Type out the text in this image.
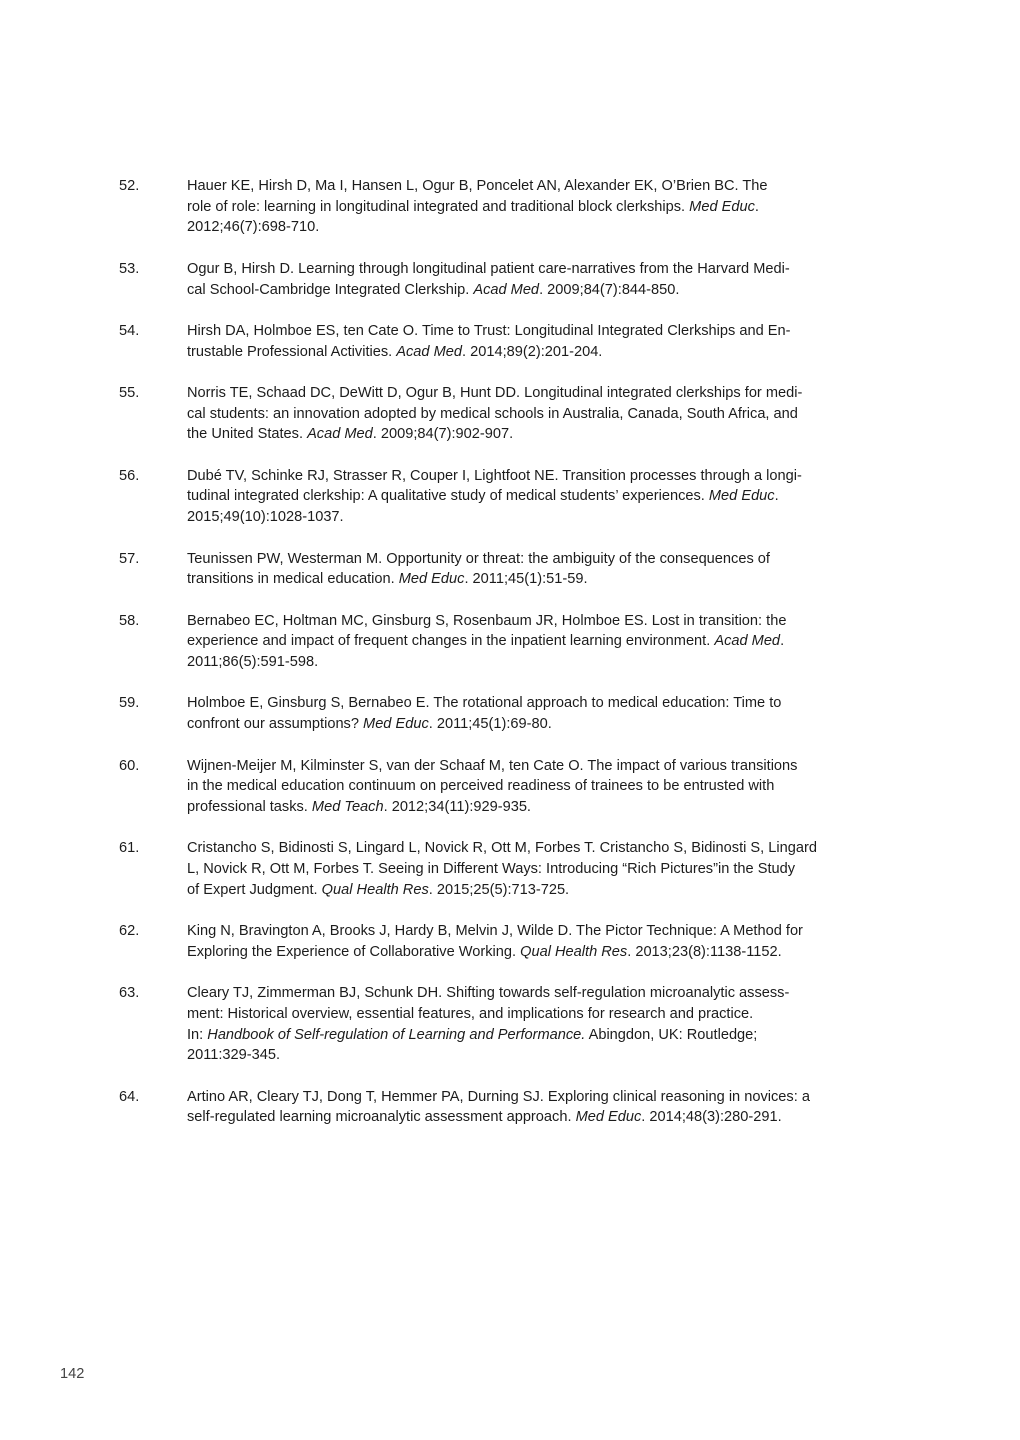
52.	Hauer KE, Hirsh D, Ma I, Hansen L, Ogur B, Poncelet AN, Alexander EK, O’Brien BC. The
role of role: learning in longitudinal integrated and traditional block clerkships. Med Educ.
2012;46(7):698-710.
53.	Ogur B, Hirsh D. Learning through longitudinal patient care-narratives from the Harvard Medi-
cal School-Cambridge Integrated Clerkship. Acad Med. 2009;84(7):844-850.
54.	Hirsh DA, Holmboe ES, ten Cate O. Time to Trust: Longitudinal Integrated Clerkships and En-
trustable Professional Activities. Acad Med. 2014;89(2):201-204.
55.	Norris TE, Schaad DC, DeWitt D, Ogur B, Hunt DD. Longitudinal integrated clerkships for medi-
cal students: an innovation adopted by medical schools in Australia, Canada, South Africa, and
the United States. Acad Med. 2009;84(7):902-907.
56.	Dubé TV, Schinke RJ, Strasser R, Couper I, Lightfoot NE. Transition processes through a longi-
tudinal integrated clerkship: A qualitative study of medical students’ experiences. Med Educ.
2015;49(10):1028-1037.
57.	Teunissen PW, Westerman M. Opportunity or threat: the ambiguity of the consequences of
transitions in medical education. Med Educ. 2011;45(1):51-59.
58.	Bernabeo EC, Holtman MC, Ginsburg S, Rosenbaum JR, Holmboe ES. Lost in transition: the
experience and impact of frequent changes in the inpatient learning environment. Acad Med.
2011;86(5):591-598.
59.	Holmboe E, Ginsburg S, Bernabeo E. The rotational approach to medical education: Time to
confront our assumptions? Med Educ. 2011;45(1):69-80.
60.	Wijnen-Meijer M, Kilminster S, van der Schaaf M, ten Cate O. The impact of various transitions
in the medical education continuum on perceived readiness of trainees to be entrusted with
professional tasks. Med Teach. 2012;34(11):929-935.
61.	Cristancho S, Bidinosti S, Lingard L, Novick R, Ott M, Forbes T. Cristancho S, Bidinosti S, Lingard
L, Novick R, Ott M, Forbes T. Seeing in Different Ways: Introducing “Rich Pictures”in the Study
of Expert Judgment. Qual Health Res. 2015;25(5):713-725.
62.	King N, Bravington A, Brooks J, Hardy B, Melvin J, Wilde D. The Pictor Technique: A Method for
Exploring the Experience of Collaborative Working. Qual Health Res. 2013;23(8):1138-1152.
63.	Cleary TJ, Zimmerman BJ, Schunk DH. Shifting towards self-regulation microanalytic assess-
ment: Historical overview, essential features, and implications for research and practice.
In: Handbook of Self-regulation of Learning and Performance. Abingdon, UK: Routledge;
2011:329-345.
64.	Artino AR, Cleary TJ, Dong T, Hemmer PA, Durning SJ. Exploring clinical reasoning in novices: a
self-regulated learning microanalytic assessment approach. Med Educ. 2014;48(3):280-291.
142
